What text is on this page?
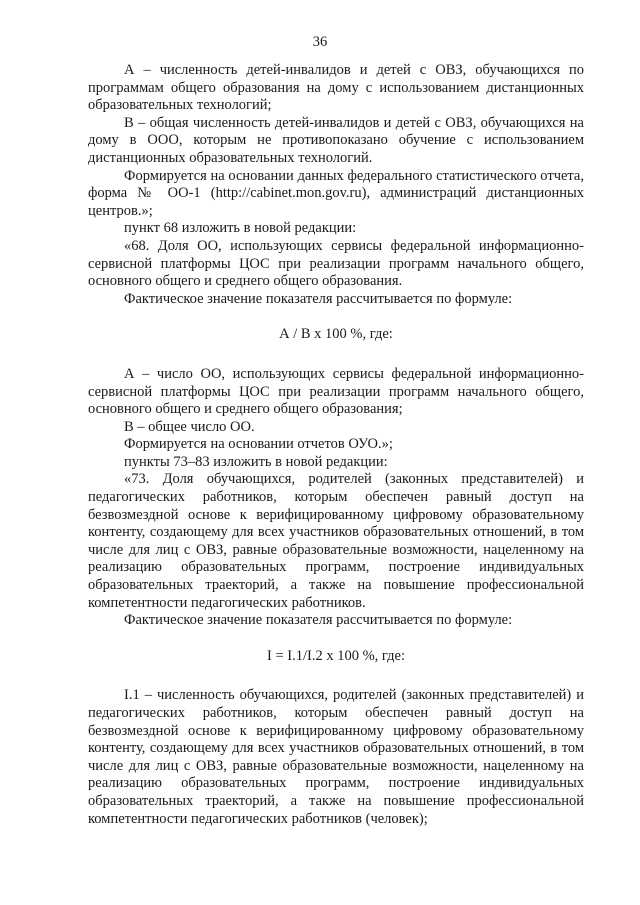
36

А – численность детей-инвалидов и детей с ОВЗ, обучающихся по программам общего образования на дому с использованием дистанционных образовательных технологий;

В – общая численность детей-инвалидов и детей с ОВЗ, обучающихся на дому в ООО, которым не противопоказано обучение с использованием дистанционных образовательных технологий.

Формируется на основании данных федерального статистического отчета, форма № ОО-1 (http://cabinet.mon.gov.ru), администраций дистанционных центров.»;

пункт 68 изложить в новой редакции:

«68. Доля ОО, использующих сервисы федеральной информационно-сервисной платформы ЦОС при реализации программ начального общего, основного общего и среднего общего образования.

Фактическое значение показателя рассчитывается по формуле:

А / В х 100 %, где:

А – число ОО, использующих сервисы федеральной информационно-сервисной платформы ЦОС при реализации программ начального общего, основного общего и среднего общего образования;

В – общее число ОО.

Формируется на основании отчетов ОУО.»;

пункты 73–83 изложить в новой редакции:

«73. Доля обучающихся, родителей (законных представителей) и педагогических работников, которым обеспечен равный доступ на безвозмездной основе к верифицированному цифровому образовательному контенту, создающему для всех участников образовательных отношений, в том числе для лиц с ОВЗ, равные образовательные возможности, нацеленному на реализацию образовательных программ, построение индивидуальных образовательных траекторий, а также на повышение профессиональной компетентности педагогических работников.

Фактическое значение показателя рассчитывается по формуле:

I = I.1/I.2 х 100 %, где:

I.1 – численность обучающихся, родителей (законных представителей) и педагогических работников, которым обеспечен равный доступ на безвозмездной основе к верифицированному цифровому образовательному контенту, создающему для всех участников образовательных отношений, в том числе для лиц с ОВЗ, равные образовательные возможности, нацеленному на реализацию образовательных программ, построение индивидуальных образовательных траекторий, а также на повышение профессиональной компетентности педагогических работников (человек);
